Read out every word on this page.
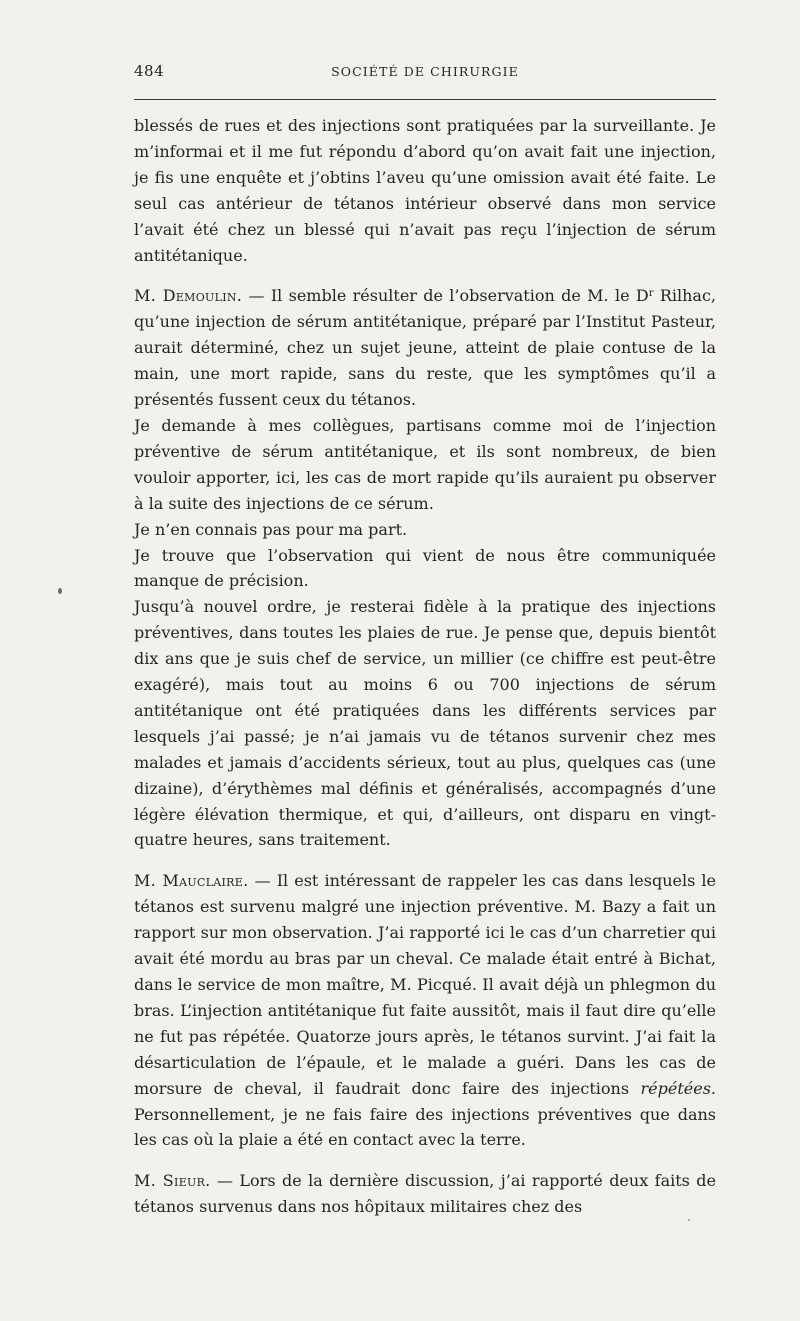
484	SOCIÉTÉ DE CHIRURGIE

blessés de rues et des injections sont pratiquées par la surveillante. Je m’informai et il me fut répondu d’abord qu’on avait fait une injection, je fis une enquête et j’obtins l’aveu qu’une omission avait été faite. Le seul cas antérieur de tétanos intérieur observé dans mon service l’avait été chez un blessé qui n’avait pas reçu l’injection de sérum antitétanique.

M. Demoulin. — Il semble résulter de l’observation de M. le $D^r$ Rilhac, qu’une injection de sérum antitétanique, préparé par l’Institut Pasteur, aurait déterminé, chez un sujet jeune, atteint de plaie contuse de la main, une mort rapide, sans du reste, que les symptômes qu’il a présentés fussent ceux du tétanos.

Je demande à mes collègues, partisans comme moi de l’injection préventive de sérum antitétanique, et ils sont nombreux, de bien vouloir apporter, ici, les cas de mort rapide qu’ils auraient pu observer à la suite des injections de ce sérum.

Je n’en connais pas pour ma part.

Je trouve que l’observation qui vient de nous être communiquée manque de précision.

Jusqu’à nouvel ordre, je resterai fidèle à la pratique des injections préventives, dans toutes les plaies de rue. Je pense que, depuis bientôt dix ans que je suis chef de service, un millier (ce chiffre est peut-être exagéré), mais tout au moins 6 ou 700 injections de sérum antitétanique ont été pratiquées dans les différents services par lesquels j’ai passé; je n’ai jamais vu de tétanos survenir chez mes malades et jamais d’accidents sérieux, tout au plus, quelques cas (une dizaine), d’érythèmes mal définis et généralisés, accompagnés d’une légère élévation thermique, et qui, d’ailleurs, ont disparu en vingt-quatre heures, sans traitement.

M. Mauclaire. — Il est intéressant de rappeler les cas dans lesquels le tétanos est survenu malgré une injection préventive. M. Bazy a fait un rapport sur mon observation. J’ai rapporté ici le cas d’un charretier qui avait été mordu au bras par un cheval. Ce malade était entré à Bichat, dans le service de mon maître, M. Picqué. Il avait déjà un phlegmon du bras. L’injection antitétanique fut faite aussitôt, mais il faut dire qu’elle ne fut pas répétée. Quatorze jours après, le tétanos survint. J’ai fait la désarticulation de l’épaule, et le malade a guéri. Dans les cas de morsure de cheval, il faudrait donc faire des injections répétées. Personnellement, je ne fais faire des injections préventives que dans les cas où la plaie a été en contact avec la terre.

M. Sieur. — Lors de la dernière discussion, j’ai rapporté deux faits de tétanos survenus dans nos hôpitaux militaires chez des
